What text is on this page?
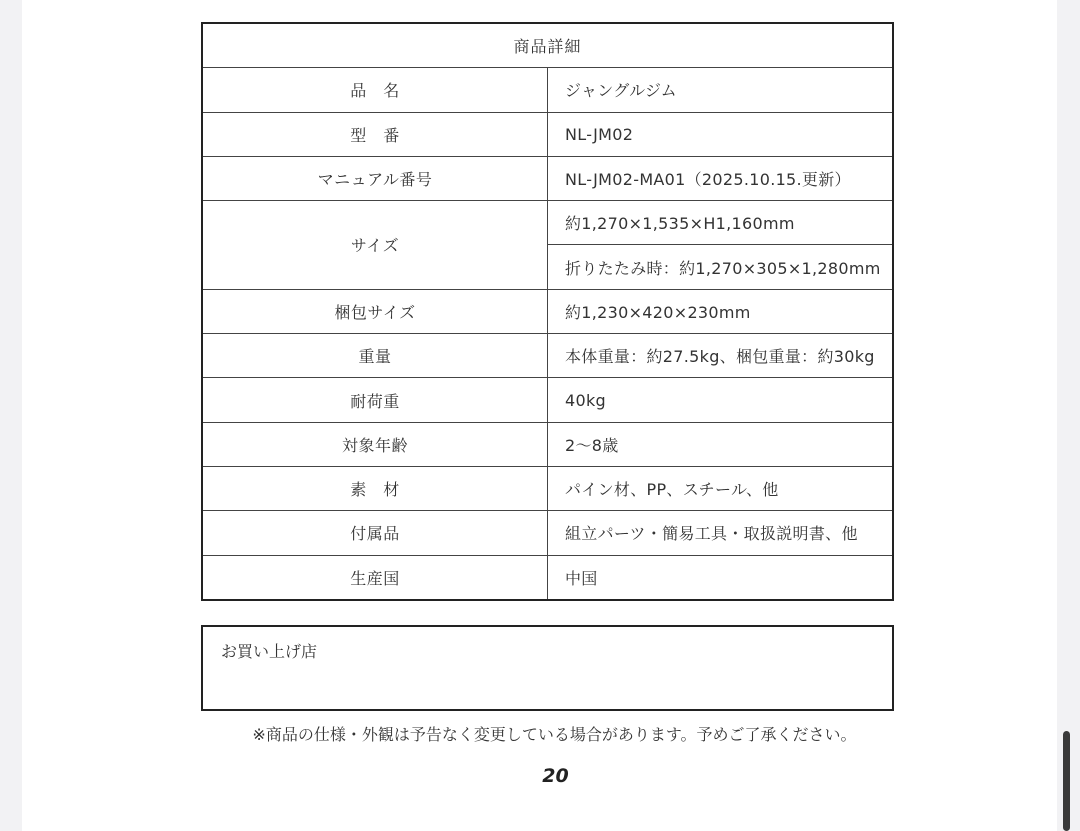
商品詳細	
品　名	ジャングルジム
型　番	NL-JM02
マニュアル番号	NL-JM02-MA01（2025.10.15.更新）
サイズ	約1,270×1,535×H1,160mm
	折りたたみ時：約1,270×305×1,280mm
梱包サイズ	約1,230×420×230mm
重量	本体重量：約27.5kg、梱包重量：約30kg
耐荷重	40kg
対象年齢	2〜8歳
素　材	パイン材、PP、スチール、他
付属品	組立パーツ・簡易工具・取扱説明書、他
生産国	中国
お買い上げ店
※商品の仕様・外観は予告なく変更している場合があります。予めご了承ください。
20
